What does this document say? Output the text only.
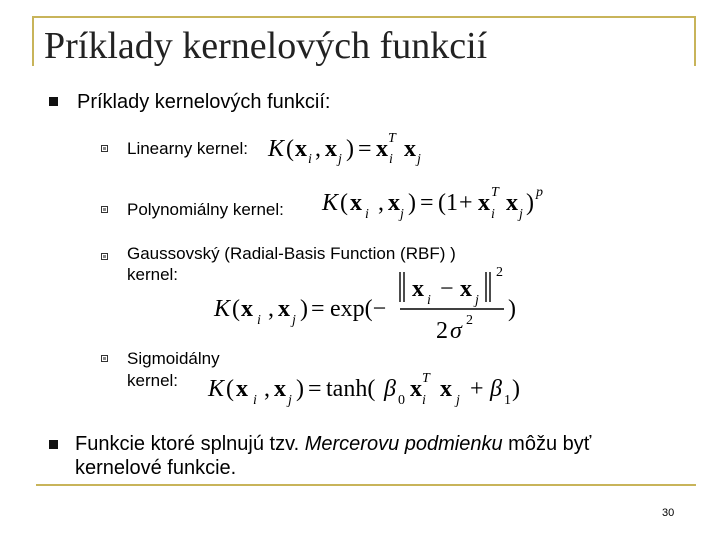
Príklady kernelových funkcií
Príklady kernelových funkcií:
Linearny kernel: K ( x i , x j ) = x T
i x j
Polynomiálny kernel: K ( x i , x j ) = (1 + x T
i x j ) p
Gaussovský (Radial-Basis Function (RBF) )
kernel:
K ( x i , x j ) = exp(−
x i − x j
2
2 σ 2 )
Sigmoidálny
kernel: K ( x i , x j ) = tanh( β 0 x T
i x j + β 1 )
Funkcie ktoré splnujú tzv. Mercerovu podmienku môžu byť
kernelové funkcie.
30
